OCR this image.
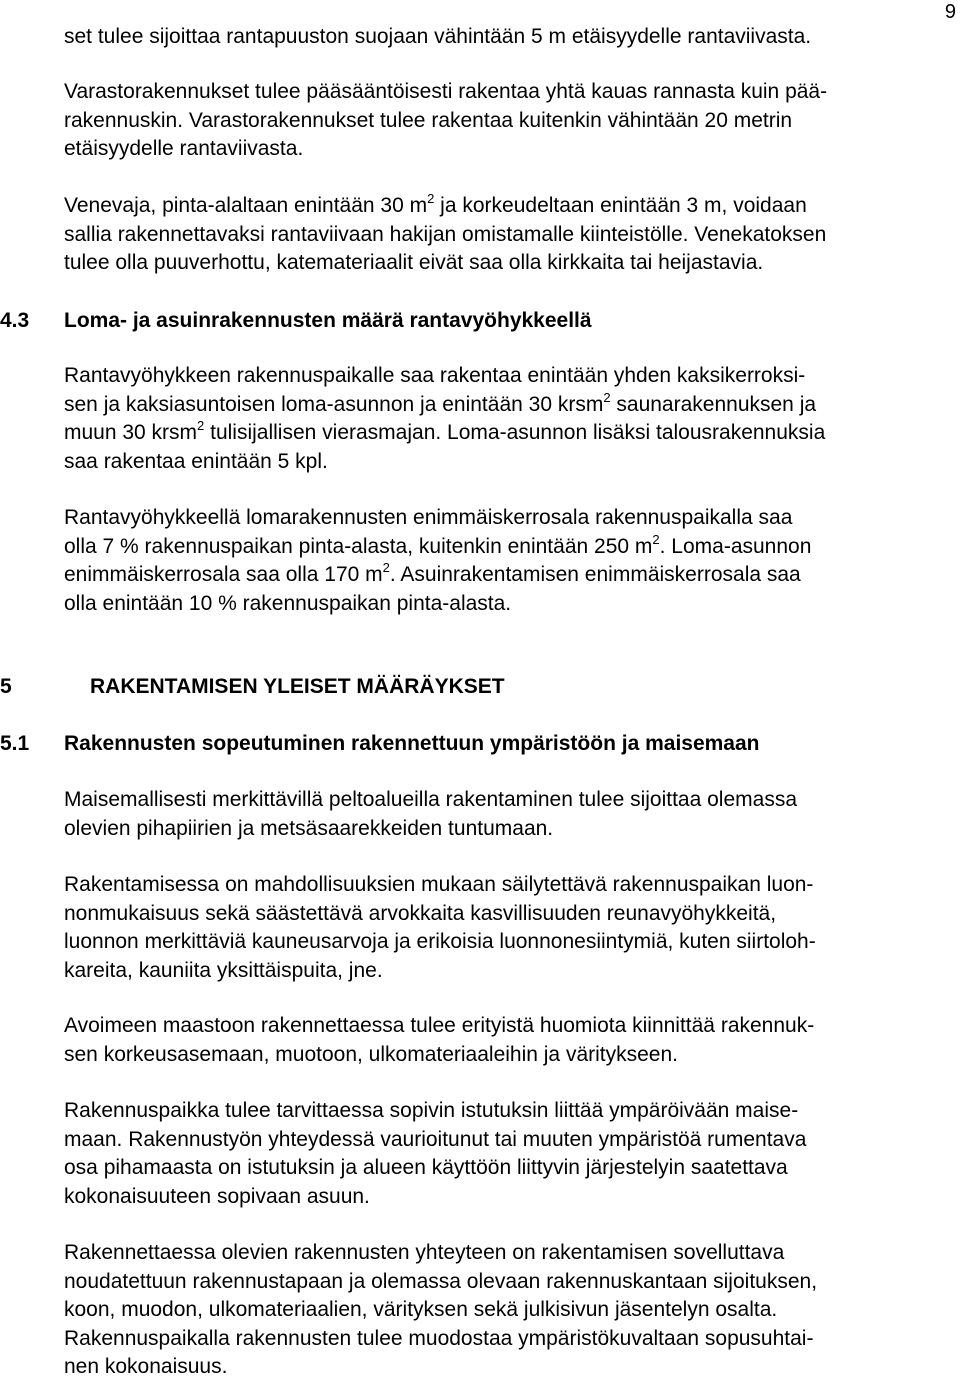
9

set tulee sijoittaa rantapuuston suojaan vähintään 5 m etäisyydelle rantaviivasta.

Varastorakennukset tulee pääsääntöisesti rakentaa yhtä kauas rannasta kuin pää-
rakennuskin. Varastorakennukset tulee rakentaa kuitenkin vähintään 20 metrin
etäisyydelle rantaviivasta.

Venevaja, pinta-alaltaan enintään 30 $m^2$ ja korkeudeltaan enintään 3 m, voidaan
sallia rakennettavaksi rantaviivaan hakijan omistamalle kiinteistölle. Venekatoksen
tulee olla puuverhottu, katemateriaalit eivät saa olla kirkkaita tai heijastavia.

4.3 Loma- ja asuinrakennusten määrä rantavyöhykkeellä

Rantavyöhykkeen rakennuspaikalle saa rakentaa enintään yhden kaksikerroksi-
sen ja kaksiasuntoisen loma-asunnon ja enintään 30 krsm$^2$ saunarakennuksen ja
muun 30 krsm$^2$ tulisijallisen vierasmajan. Loma-asunnon lisäksi talousrakennuksia
saa rakentaa enintään 5 kpl.

Rantavyöhykkeellä lomarakennusten enimmäiskerrosala rakennuspaikalla saa
olla 7 % rakennuspaikan pinta-alasta, kuitenkin enintään 250 $m^2$. Loma-asunnon
enimmäiskerrosala saa olla 170 $m^2$. Asuinrakentamisen enimmäiskerrosala saa
olla enintään 10 % rakennuspaikan pinta-alasta.

5	RAKENTAMISEN YLEISET MÄÄRÄYKSET
5.1 Rakennusten sopeutuminen rakennettuun ympäristöön ja maisemaan

Maisemallisesti merkittävillä peltoalueilla rakentaminen tulee sijoittaa olemassa
olevien pihapiirien ja metsäsaarekkeiden tuntumaan.

Rakentamisessa on mahdollisuuksien mukaan säilytettävä rakennuspaikan luon-
nonmukaisuus sekä säästettävä arvokkaita kasvillisuuden reunavyöhykkeitä,
luonnon merkittäviä kauneusarvoja ja erikoisia luonnonesiintymiä, kuten siirtoloh-
kareita, kauniita yksittäispuita, jne.

Avoimeen maastoon rakennettaessa tulee erityistä huomiota kiinnittää rakennuk-
sen korkeusasemaan, muotoon, ulkomateriaaleihin ja väritykseen.

Rakennuspaikka tulee tarvittaessa sopivin istutuksin liittää ympäröivään maise-
maan. Rakennustyön yhteydessä vaurioitunut tai muuten ympäristöä rumentava
osa pihamaasta on istutuksin ja alueen käyttöön liittyvin järjestelyin saatettava
kokonaisuuteen sopivaan asuun.

Rakennettaessa olevien rakennusten yhteyteen on rakentamisen sovelluttava
noudatettuun rakennustapaan ja olemassa olevaan rakennuskantaan sijoituksen,
koon, muodon, ulkomateriaalien, värityksen sekä julkisivun jäsentelyn osalta.
Rakennuspaikalla rakennusten tulee muodostaa ympäristökuvaltaan sopusuhtai-
nen kokonaisuus.
